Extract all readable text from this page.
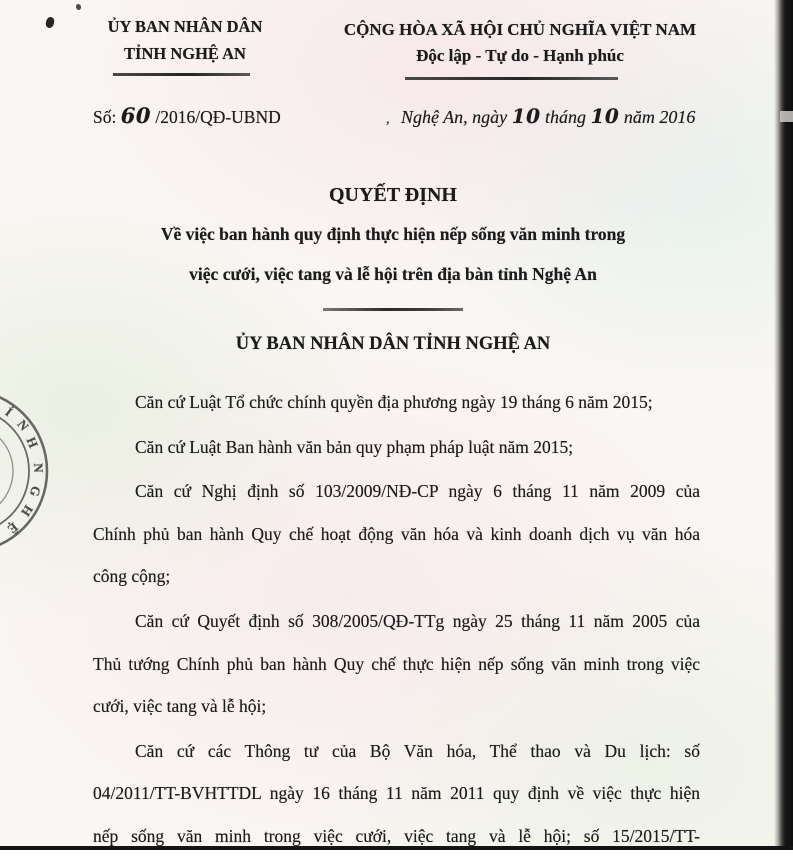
ỦY BAN NHÂN DÂN
TỈNH NGHỆ AN
CỘNG HÒA XÃ HỘI CHỦ NGHĨA VIỆT NAM
Độc lập - Tự do - Hạnh phúc
Số: 60 /2016/QĐ-UBND	, Nghệ An, ngày 10 tháng 10 năm 2016
QUYẾT ĐỊNH
Về việc ban hành quy định thực hiện nếp sống văn minh trong
việc cưới, việc tang và lễ hội trên địa bàn tỉnh Nghệ An
ỦY BAN NHÂN DÂN TỈNH NGHỆ AN
Ỉ
N
H
N
G
H
Ệ
Căn cứ Luật Tổ chức chính quyền địa phương ngày 19 tháng 6 năm 2015;
Căn cứ Luật Ban hành văn bản quy phạm pháp luật năm 2015;
Căn cứ Nghị định số 103/2009/NĐ-CP ngày 6 tháng 11 năm 2009 của
Chính phủ ban hành Quy chế hoạt động văn hóa và kinh doanh dịch vụ văn hóa
công cộng;
Căn cứ Quyết định số 308/2005/QĐ-TTg ngày 25 tháng 11 năm 2005 của
Thủ tướng Chính phủ ban hành Quy chế thực hiện nếp sống văn minh trong việc
cưới, việc tang và lễ hội;
Căn cứ các Thông tư của Bộ Văn hóa, Thể thao và Du lịch: số
04/2011/TT-BVHTTDL ngày 16 tháng 11 năm 2011 quy định về việc thực hiện
nếp sống văn minh trong việc cưới, việc tang và lễ hội; số 15/2015/TT-
